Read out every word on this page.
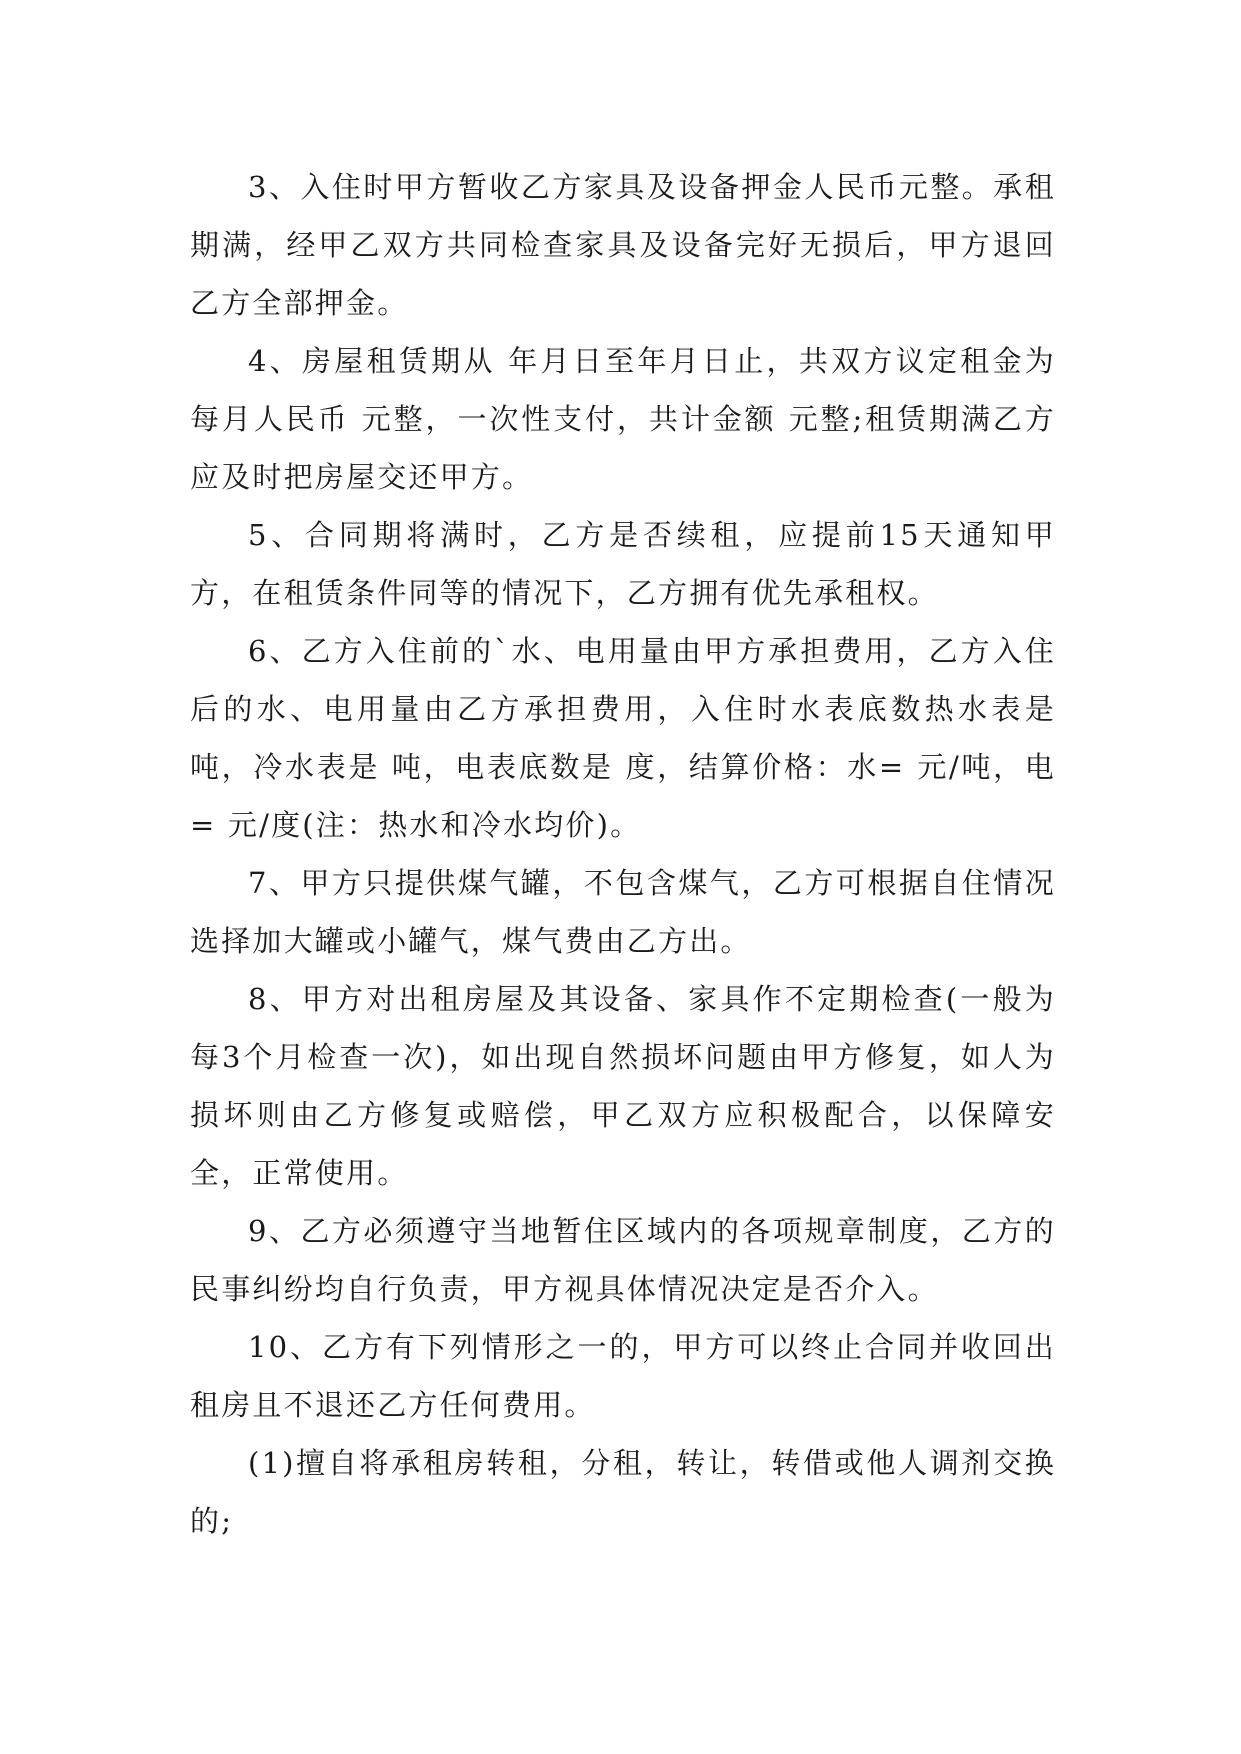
3、入住时甲方暂收乙方家具及设备押金人民币元整。承租期满，经甲乙双方共同检查家具及设备完好无损后，甲方退回乙方全部押金。

4、房屋租赁期从 年月日至年月日止，共双方议定租金为每月人民币 元整，一次性支付，共计金额 元整;租赁期满乙方应及时把房屋交还甲方。

5、合同期将满时，乙方是否续租，应提前15天通知甲方，在租赁条件同等的情况下，乙方拥有优先承租权。

6、乙方入住前的`水、电用量由甲方承担费用，乙方入住后的水、电用量由乙方承担费用，入住时水表底数热水表是 吨，冷水表是 吨，电表底数是 度，结算价格：水= 元/吨，电= 元/度(注：热水和冷水均价)。

7、甲方只提供煤气罐，不包含煤气，乙方可根据自住情况选择加大罐或小罐气，煤气费由乙方出。

8、甲方对出租房屋及其设备、家具作不定期检查(一般为每3个月检查一次)，如出现自然损坏问题由甲方修复，如人为损坏则由乙方修复或赔偿，甲乙双方应积极配合，以保障安全，正常使用。

9、乙方必须遵守当地暂住区域内的各项规章制度，乙方的民事纠纷均自行负责，甲方视具体情况决定是否介入。

10、乙方有下列情形之一的，甲方可以终止合同并收回出租房且不退还乙方任何费用。

(1)擅自将承租房转租，分租，转让，转借或他人调剂交换的;
